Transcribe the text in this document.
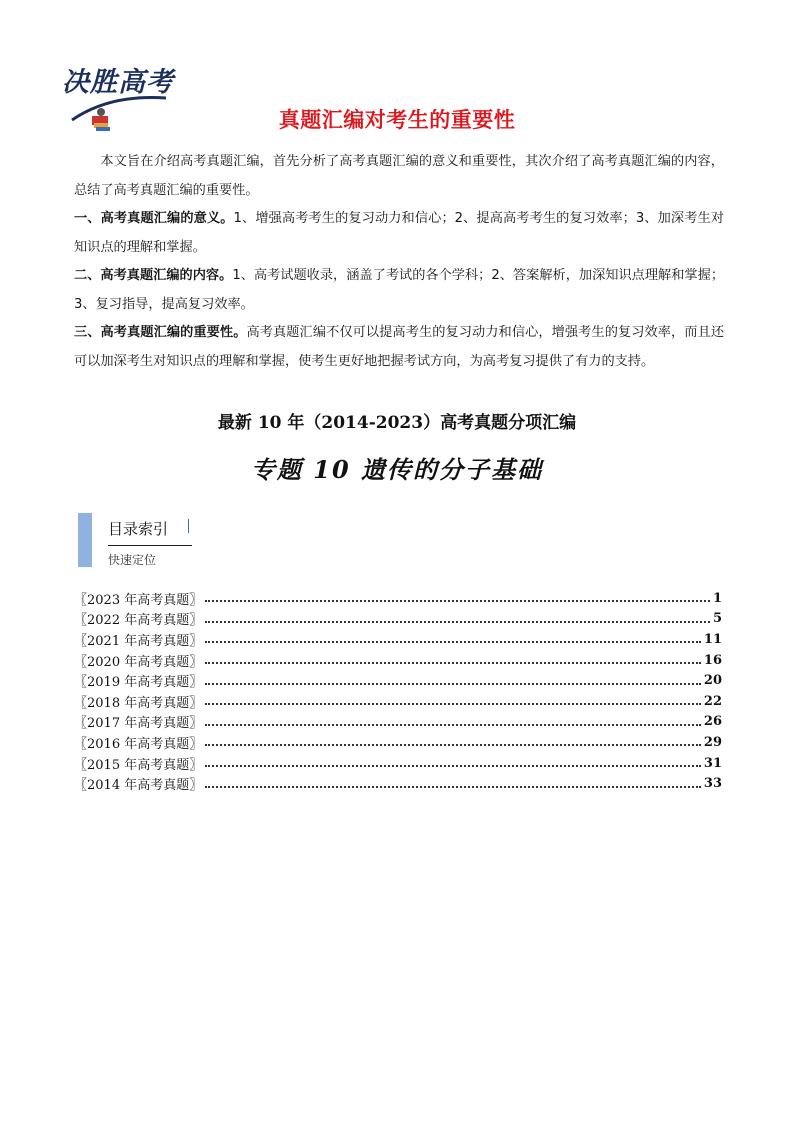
决胜高考
真题汇编对考生的重要性

本文旨在介绍高考真题汇编，首先分析了高考真题汇编的意义和重要性，其次介绍了高考真题汇编的内容，总结了高考真题汇编的重要性。

一、高考真题汇编的意义。1、增强高考考生的复习动力和信心；2、提高高考考生的复习效率；3、加深考生对知识点的理解和掌握。

二、高考真题汇编的内容。1、高考试题收录，涵盖了考试的各个学科；2、答案解析，加深知识点理解和掌握；3、复习指导，提高复习效率。

三、高考真题汇编的重要性。高考真题汇编不仅可以提高考生的复习动力和信心，增强考生的复习效率，而且还可以加深考生对知识点的理解和掌握，使考生更好地把握考试方向，为高考复习提供了有力的支持。

最新 10 年（2014-2023）高考真题分项汇编
专题 10 遗传的分子基础
目录索引
快速定位
〖2023 年高考真题〗	1
〖2022 年高考真题〗	5
〖2021 年高考真题〗	11
〖2020 年高考真题〗	16
〖2019 年高考真题〗	20
〖2018 年高考真题〗	22
〖2017 年高考真题〗	26
〖2016 年高考真题〗	29
〖2015 年高考真题〗	31
〖2014 年高考真题〗	33
